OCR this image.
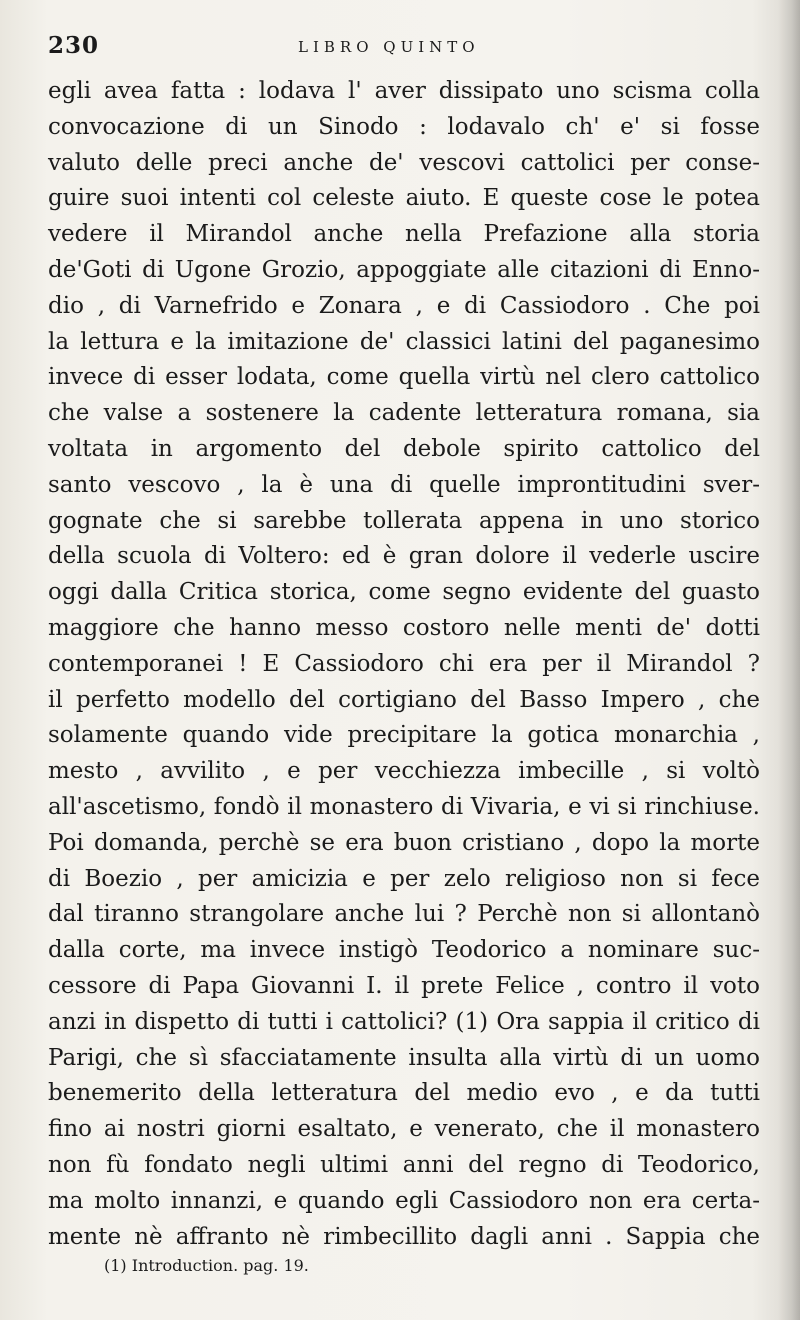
230	LIBRO QUINTO
egli avea fatta : lodava l' aver dissipato uno scisma colla
convocazione di un Sinodo : lodavalo ch' e' si fosse
valuto delle preci anche de' vescovi cattolici per conse-
guire suoi intenti col celeste aiuto. E queste cose le potea
vedere il Mirandol anche nella Prefazione alla storia
de'Goti di Ugone Grozio, appoggiate alle citazioni di Enno-
dio , di Varnefrido e Zonara , e di Cassiodoro . Che poi
la lettura e la imitazione de' classici latini del paganesimo
invece di esser lodata, come quella virtù nel clero cattolico
che valse a sostenere la cadente letteratura romana, sia
voltata in argomento del debole spirito cattolico del
santo vescovo , la è una di quelle improntitudini sver-
gognate che si sarebbe tollerata appena in uno storico
della scuola di Voltero: ed è gran dolore il vederle uscire
oggi dalla Critica storica, come segno evidente del guasto
maggiore che hanno messo costoro nelle menti de' dotti
contemporanei ! E Cassiodoro chi era per il Mirandol ?
il perfetto modello del cortigiano del Basso Impero , che
solamente quando vide precipitare la gotica monarchia ,
mesto , avvilito , e per vecchiezza imbecille , si voltò
all'ascetismo, fondò il monastero di Vivaria, e vi si rinchiuse.
Poi domanda, perchè se era buon cristiano , dopo la morte
di Boezio , per amicizia e per zelo religioso non si fece
dal tiranno strangolare anche lui ? Perchè non si allontanò
dalla corte, ma invece instigò Teodorico a nominare suc-
cessore di Papa Giovanni I. il prete Felice , contro il voto
anzi in dispetto di tutti i cattolici? (1) Ora sappia il critico di
Parigi, che sì sfacciatamente insulta alla virtù di un uomo
benemerito della letteratura del medio evo , e da tutti
fino ai nostri giorni esaltato, e venerato, che il monastero
non fù fondato negli ultimi anni del regno di Teodorico,
ma molto innanzi, e quando egli Cassiodoro non era certa-
mente nè affranto nè rimbecillito dagli anni . Sappia che
(1) Introduction. pag. 19.
